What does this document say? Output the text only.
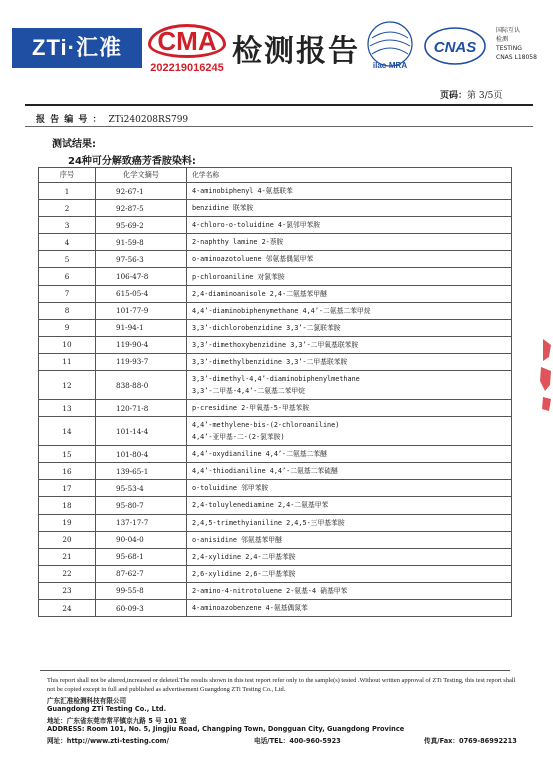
ZTi·汇准	CMA
202219016245 检测报告 ilac-MRA
CNAS
国际互认
检测
TESTING
CNAS L18058
页码：第 3/5页
报 告 编 号 ： ZTi240208RS799
测试结果:
24种可分解致癌芳香胺染料:
序号	化学文摘号	化学名称
1	92-67-1	4-aminobiphenyl 4-氨基联苯

2	92-87-5	benzidine 联苯胺

3	95-69-2	4-chloro-o-toluidine 4-氯邻甲苯胺

4	91-59-8	2-naphthy lamine 2-萘胺

5	97-56-3	o-aminoazotoluene 邻氨基偶氮甲苯

6	106-47-8	p-chloroaniline 对氯苯胺

7	615-05-4	2,4-diaminoanisole 2,4-二氨基苯甲醚

8	101-77-9	4,4’-diaminobiphenymethane 4,4’-二氨基二苯甲烷

9	91-94-1	3,3’-dichlorobenzidine 3,3’-二氯联苯胺

10	119-90-4	3,3’-dimethoxybenzidine 3,3’-二甲氧基联苯胺

11	119-93-7	3,3’-dimethylbenzidine 3,3’-二甲基联苯胺

12	838-88-0	3,3’-dimethyl-4,4’-diaminobiphenylmethane
3,3’-二甲基-4,4’-二氨基二苯甲烷

13	120-71-8	p-cresidine 2-甲氧基-5-甲基苯胺

14	101-14-4	4,4’-methylene-bis-(2-chloroaniline)
4,4’-亚甲基-二-(2-氯苯胺)

15	101-80-4	4,4’-oxydianiline 4,4’-二氨基二苯醚

16	139-65-1	4,4’-thiodianiline 4,4’-二氨基二苯硫醚

17	95-53-4	o-toluidine 邻甲苯胺

18	95-80-7	2,4-toluylenediamine 2,4-二氨基甲苯

19	137-17-7	2,4,5-trimethyianiline 2,4,5-三甲基苯胺

20	90-04-0	o-anisidine 邻氨基苯甲醚

21	95-68-1	2,4-xylidine 2,4-二甲基苯胺

22	87-62-7	2,6-xylidine 2,6-二甲基苯胺

23	99-55-8	2-amino-4-nitrotoluene 2-氨基-4 硝基甲苯

24	60-09-3	4-aminoazobenzene 4-氨基偶氮苯
This report shall not be altered,increased or deleted.The results shown in this test report refer only to the sample(s) tested .Without written approval of ZTi Testing, this test report shall not be copied except in full and published as advertisement Guangdong ZTi Testing Co., Ltd.
广东汇准检测科技有限公司
Guangdong ZTi Testing Co., Ltd.
地址：广东省东莞市常平镇京九路 5 号 101 室
ADDRESS: Room 101, No. 5, Jingjiu Road, Changping Town, Dongguan City, Guangdong Province
网址：http://www.zti-testing.com/	电话/TEL：400-960-5923	传真/Fax：0769-86992213
